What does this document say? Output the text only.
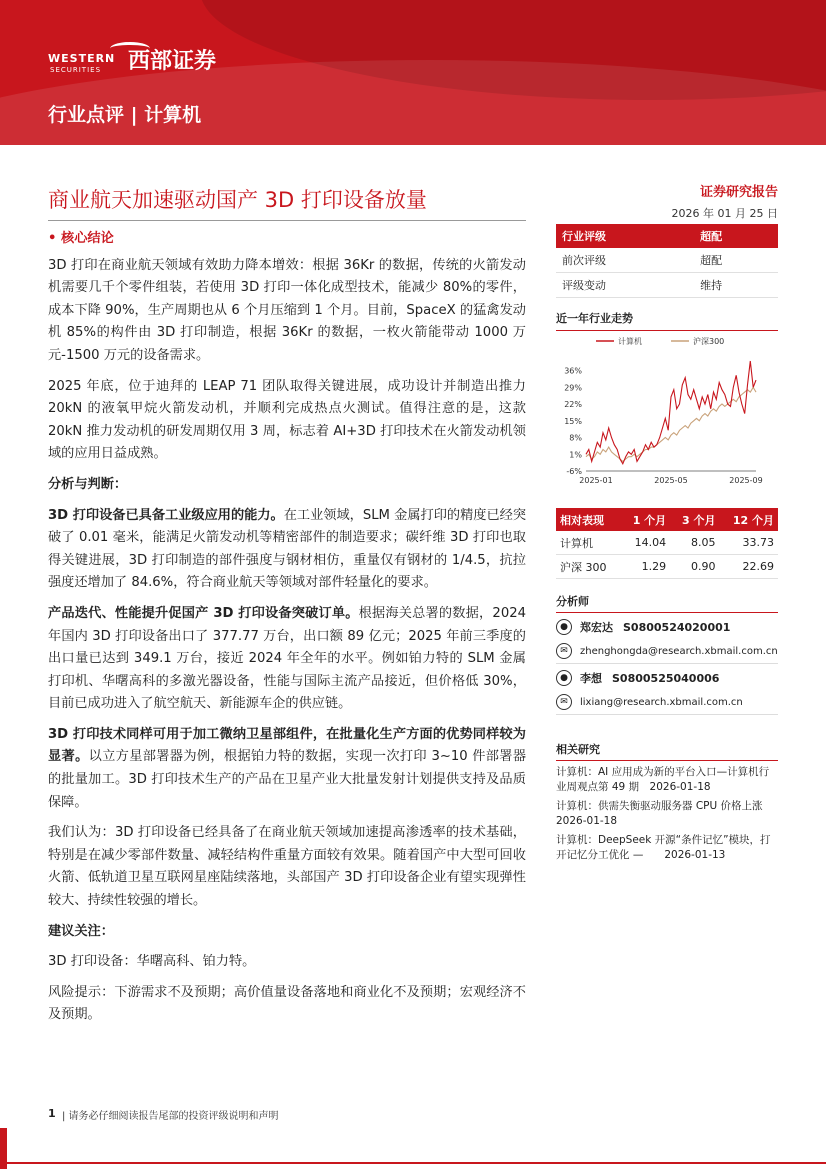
WESTERN
SECURITIES 西部证券
行业点评 | 计算机
商业航天加速驱动国产 3D 打印设备放量	证券研究报告
2026 年 01 月 25 日

• 核心结论

3D 打印在商业航天领域有效助力降本增效：根据 36Kr 的数据，传统的火箭发动机需要几千个零件组装，若使用 3D 打印一体化成型技术，能减少 80%的零件，成本下降 90%，生产周期也从 6 个月压缩到 1 个月。目前，SpaceX 的猛禽发动机 85%的构件由 3D 打印制造，根据 36Kr 的数据，一枚火箭能带动 1000 万元-1500 万元的设备需求。

2025 年底，位于迪拜的 LEAP 71 团队取得关键进展，成功设计并制造出推力 20kN 的液氧甲烷火箭发动机，并顺利完成热点火测试。值得注意的是，这款 20kN 推力发动机的研发周期仅用 3 周，标志着 AI+3D 打印技术在火箭发动机领域的应用日益成熟。

分析与判断：

3D 打印设备已具备工业级应用的能力。在工业领域，SLM 金属打印的精度已经突破了 0.01 毫米，能满足火箭发动机等精密部件的制造要求；碳纤维 3D 打印也取得关键进展，3D 打印制造的部件强度与钢材相仿，重量仅有钢材的 1/4.5，抗拉强度还增加了 84.6%，符合商业航天等领域对部件轻量化的要求。

产品迭代、性能提升促国产 3D 打印设备突破订单。根据海关总署的数据，2024 年国内 3D 打印设备出口了 377.77 万台，出口额 89 亿元；2025 年前三季度的出口量已达到 349.1 万台，接近 2024 年全年的水平。例如铂力特的 SLM 金属打印机、华曙高科的多激光器设备，性能与国际主流产品接近，但价格低 30%，目前已成功进入了航空航天、新能源车企的供应链。

3D 打印技术同样可用于加工微纳卫星部组件，在批量化生产方面的优势同样较为显著。以立方星部署器为例，根据铂力特的数据，实现一次打印 3~10 件部署器的批量加工。3D 打印技术生产的产品在卫星产业大批量发射计划提供支持及品质保障。

我们认为：3D 打印设备已经具备了在商业航天领域加速提高渗透率的技术基础，特别是在减少零部件数量、减轻结构件重量方面较有效果。随着国产中大型可回收火箭、低轨道卫星互联网星座陆续落地，头部国产 3D 打印设备企业有望实现弹性较大、持续性较强的增长。

建议关注：

3D 打印设备：华曙高科、铂力特。

风险提示：下游需求不及预期；高价值量设备落地和商业化不及预期；宏观经济不及预期。

行业评级	超配
前次评级	超配
评级变动	维持
近一年行业走势
计算机	沪深300
-6%
1%
8%
15%
22%
29%
36%
2025-01	2025-05	2025-09
相对表现	1 个月	3 个月	12 个月
计算机	14.04	8.05	33.73
沪深 300	1.29	0.90	22.69
分析师
●	郑宏达 S0800524020001
✉	zhenghongda@research.xbmail.com.cn
●	李想 S0800525040006
✉	lixiang@research.xbmail.com.cn
相关研究

计算机：AI 应用成为新的平台入口—计算机行业周观点第 49 期　2026-01-18

计算机：供需失衡驱动服务器 CPU 价格上涨　2026-01-18

计算机：DeepSeek 开源“条件记忆”模块，打开记忆分工优化 —　　2026-01-13

1 | 请务必仔细阅读报告尾部的投资评级说明和声明
